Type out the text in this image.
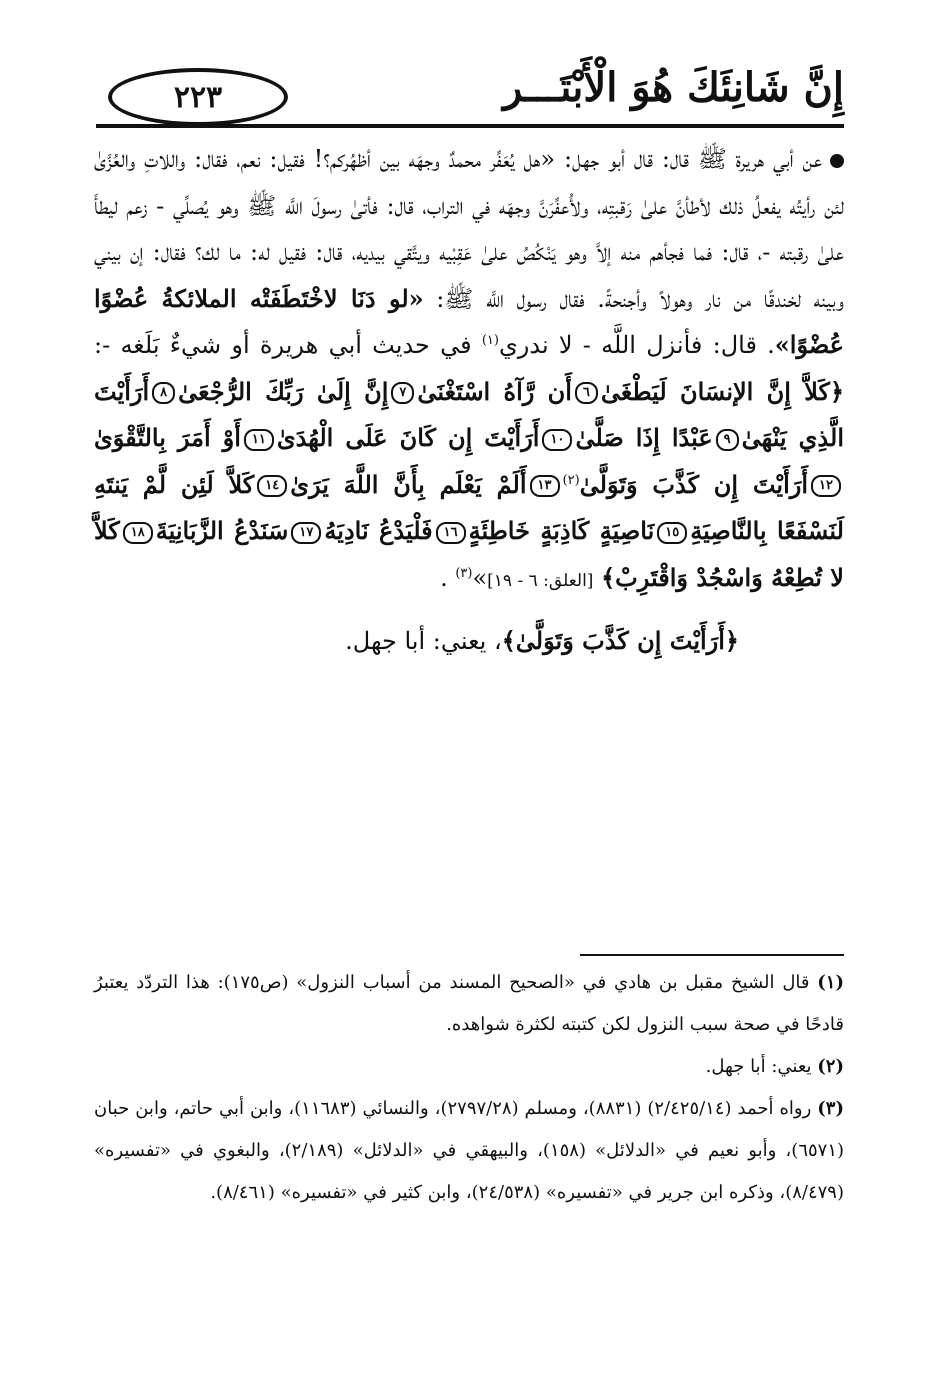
إِنَّ شَانِئَكَ هُوَ الْأَبْتَـــر
٢٢٣

عن أبي هريرة ﷺ قال: قال أبو جهل: «هل يُعَفِّر محمدٌ وجهَه بين أظهُركم؟! فقيل: نعم، فقال: واللاتِ والعُزَّىٰ لئن رأيتُه يفعلُ ذلك لأطأنَّ علىٰ رَقبتِه، ولأُعفِّرَنَّ وجهَه في التراب، قال: فأتىٰ رسولَ اللَّه ﷺ وهو يُصلِّي - زعم ليطأَ علىٰ رقبته -، قال: فما فجأهم منه إلاَّ وهو يَنْكُصُ علىٰ عَقِبْيه ويتَّقي بيديه، قال: فقيل له: ما لك؟ فقال: إن بيني وبينه لخندقًا من نار وهولاً وأجنحةً. فقال رسول اللَّه ﷺ: «لو دَنَا لاخْتَطَفَتْه الملائكةُ عُضْوًا عُضْوًا». قال: فأنزل اللَّه - لا ندري$^{(١)}$ في حديث أبي هريرة أو شيءٌ بَلَغه -: ﴿كَلاَّ إِنَّ الإنسَانَ لَيَطْغَىٰ٦أَن رَّآهُ اسْتَغْنَىٰ٧إِنَّ إِلَىٰ رَبِّكَ الرُّجْعَىٰ٨أَرَأَيْتَ الَّذِي يَنْهَىٰ٩عَبْدًا إِذَا صَلَّىٰ١٠أَرَأَيْتَ إِن كَانَ عَلَى الْهُدَىٰ١١أَوْ أَمَرَ بِالتَّقْوَىٰ١٢أَرَأَيْتَ إِن كَذَّبَ وَتَوَلَّىٰ$^{(٢)}$١٣أَلَمْ يَعْلَم بِأَنَّ اللَّهَ يَرَىٰ١٤كَلاَّ لَئِن لَّمْ يَنتَهِ لَنَسْفَعًا بِالنَّاصِيَةِ١٥نَاصِيَةٍ كَاذِبَةٍ خَاطِئَةٍ١٦فَلْيَدْعُ نَادِيَهُ١٧سَنَدْعُ الزَّبَانِيَةَ١٨كَلاَّ لا تُطِعْهُ وَاسْجُدْ وَاقْتَرِبْ﴾ [العلق: ٦ - ١٩]»$^{(٣)}$ .

﴿أَرَأَيْتَ إِن كَذَّبَ وَتَوَلَّىٰ﴾، يعني: أبا جهل.

(١) قال الشيخ مقبل بن هادي في «الصحيح المسند من أسباب النزول» (ص١٧٥): هذا التردّد يعتبرُ قادحًا في صحة سبب النزول لكن كتبته لكثرة شواهده.

(٢) يعني: أبا جهل.

(٣) رواه أحمد (٢/٤٢٥/١٤) (٨٨٣١)، ومسلم (٢٧٩٧/٢٨)، والنسائي (١١٦٨٣)، وابن أبي حاتم، وابن حبان (٦٥٧١)، وأبو نعيم في «الدلائل» (١٥٨)، والبيهقي في «الدلائل» (٢/١٨٩)، والبغوي في «تفسيره» (٨/٤٧٩)، وذكره ابن جرير في «تفسيره» (٢٤/٥٣٨)، وابن كثير في «تفسيره» (٨/٤٦١).
